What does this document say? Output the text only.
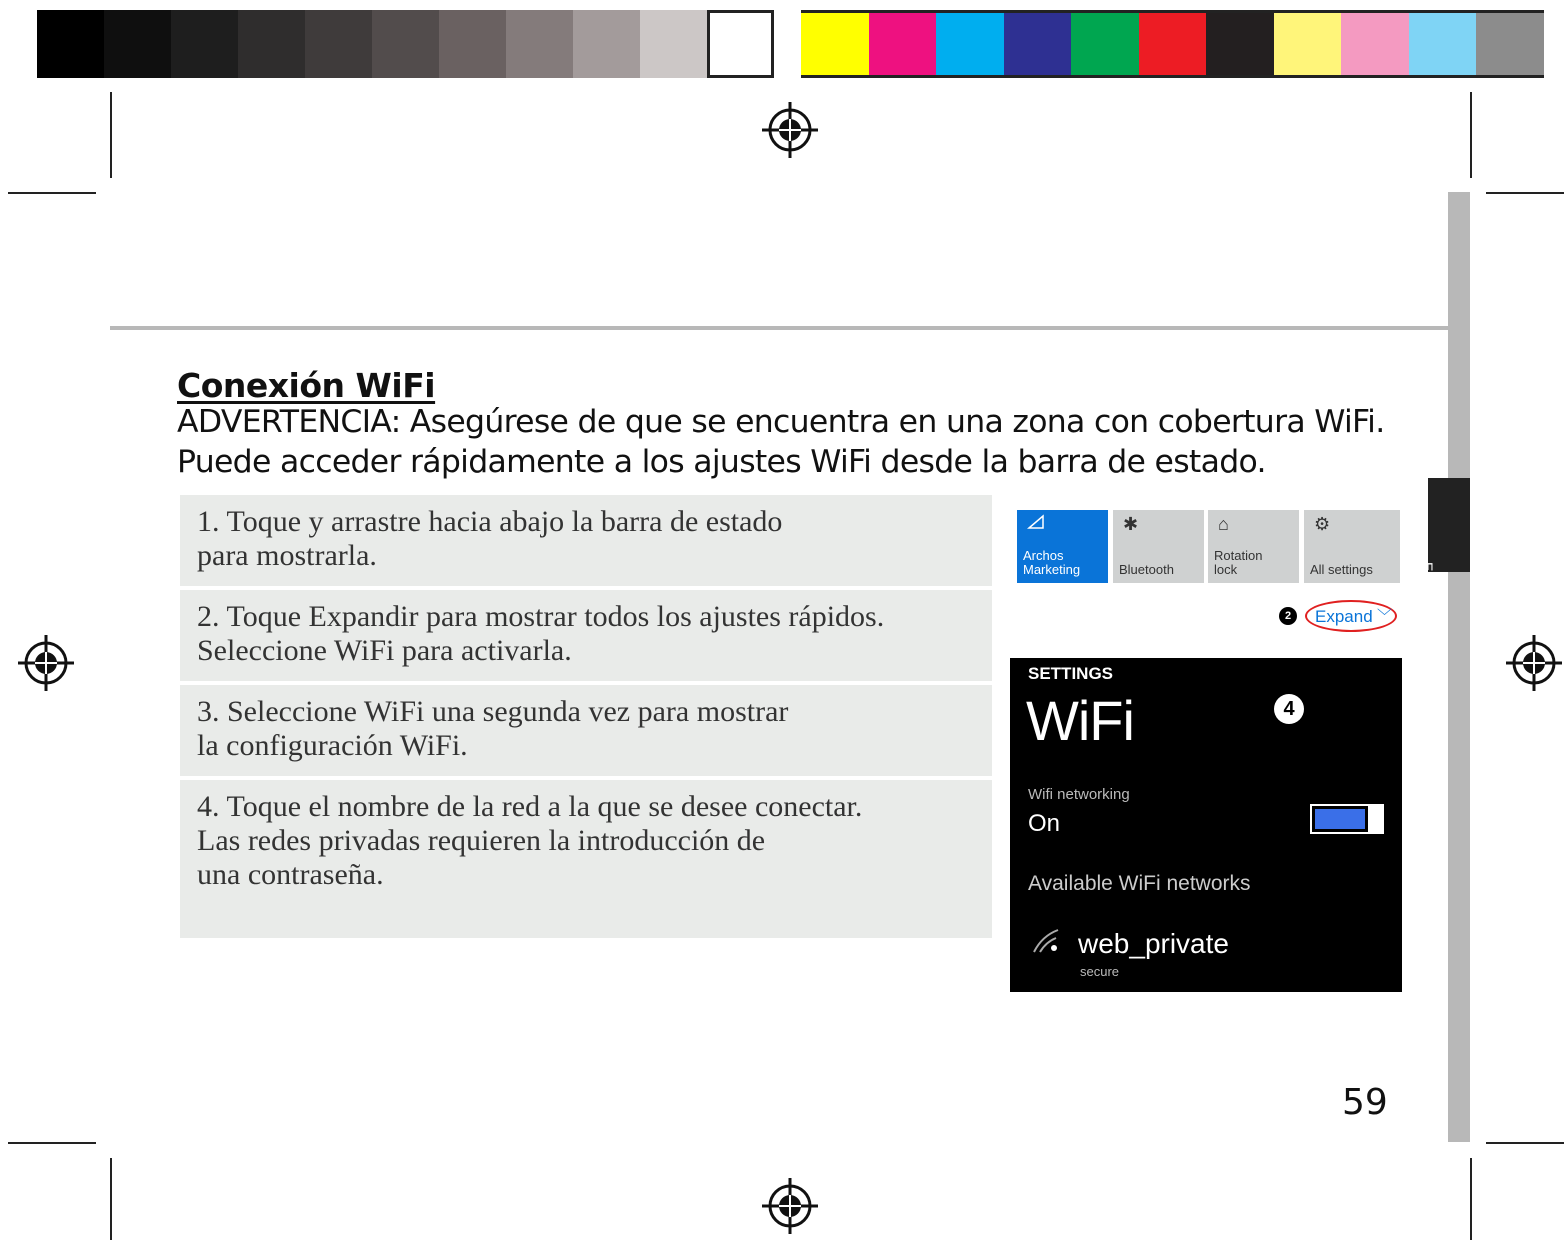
Español
Conexión WiFi
ADVERTENCIA: Asegúrese de que se encuentra en una zona con cobertura WiFi. Puede acceder rápidamente a los ajustes WiFi desde la barra de estado.
1. Toque y arrastre hacia abajo la barra de estado
para mostrarla.
2. Toque Expandir para mostrar todos los ajustes rápidos.
Seleccione WiFi para activarla.
3. Seleccione WiFi una segunda vez para mostrar
la configuración WiFi.
4. Toque el nombre de la red a la que se desee conectar.
Las redes privadas requieren la introducción de
una contraseña.
Archos
Marketing
✱
Bluetooth
⌂
Rotation
lock
⚙
All settings
2	Expand ﹀
SETTINGS
WiFi	4
Wifi networking
On
Available WiFi networks
web_private
secure
59
